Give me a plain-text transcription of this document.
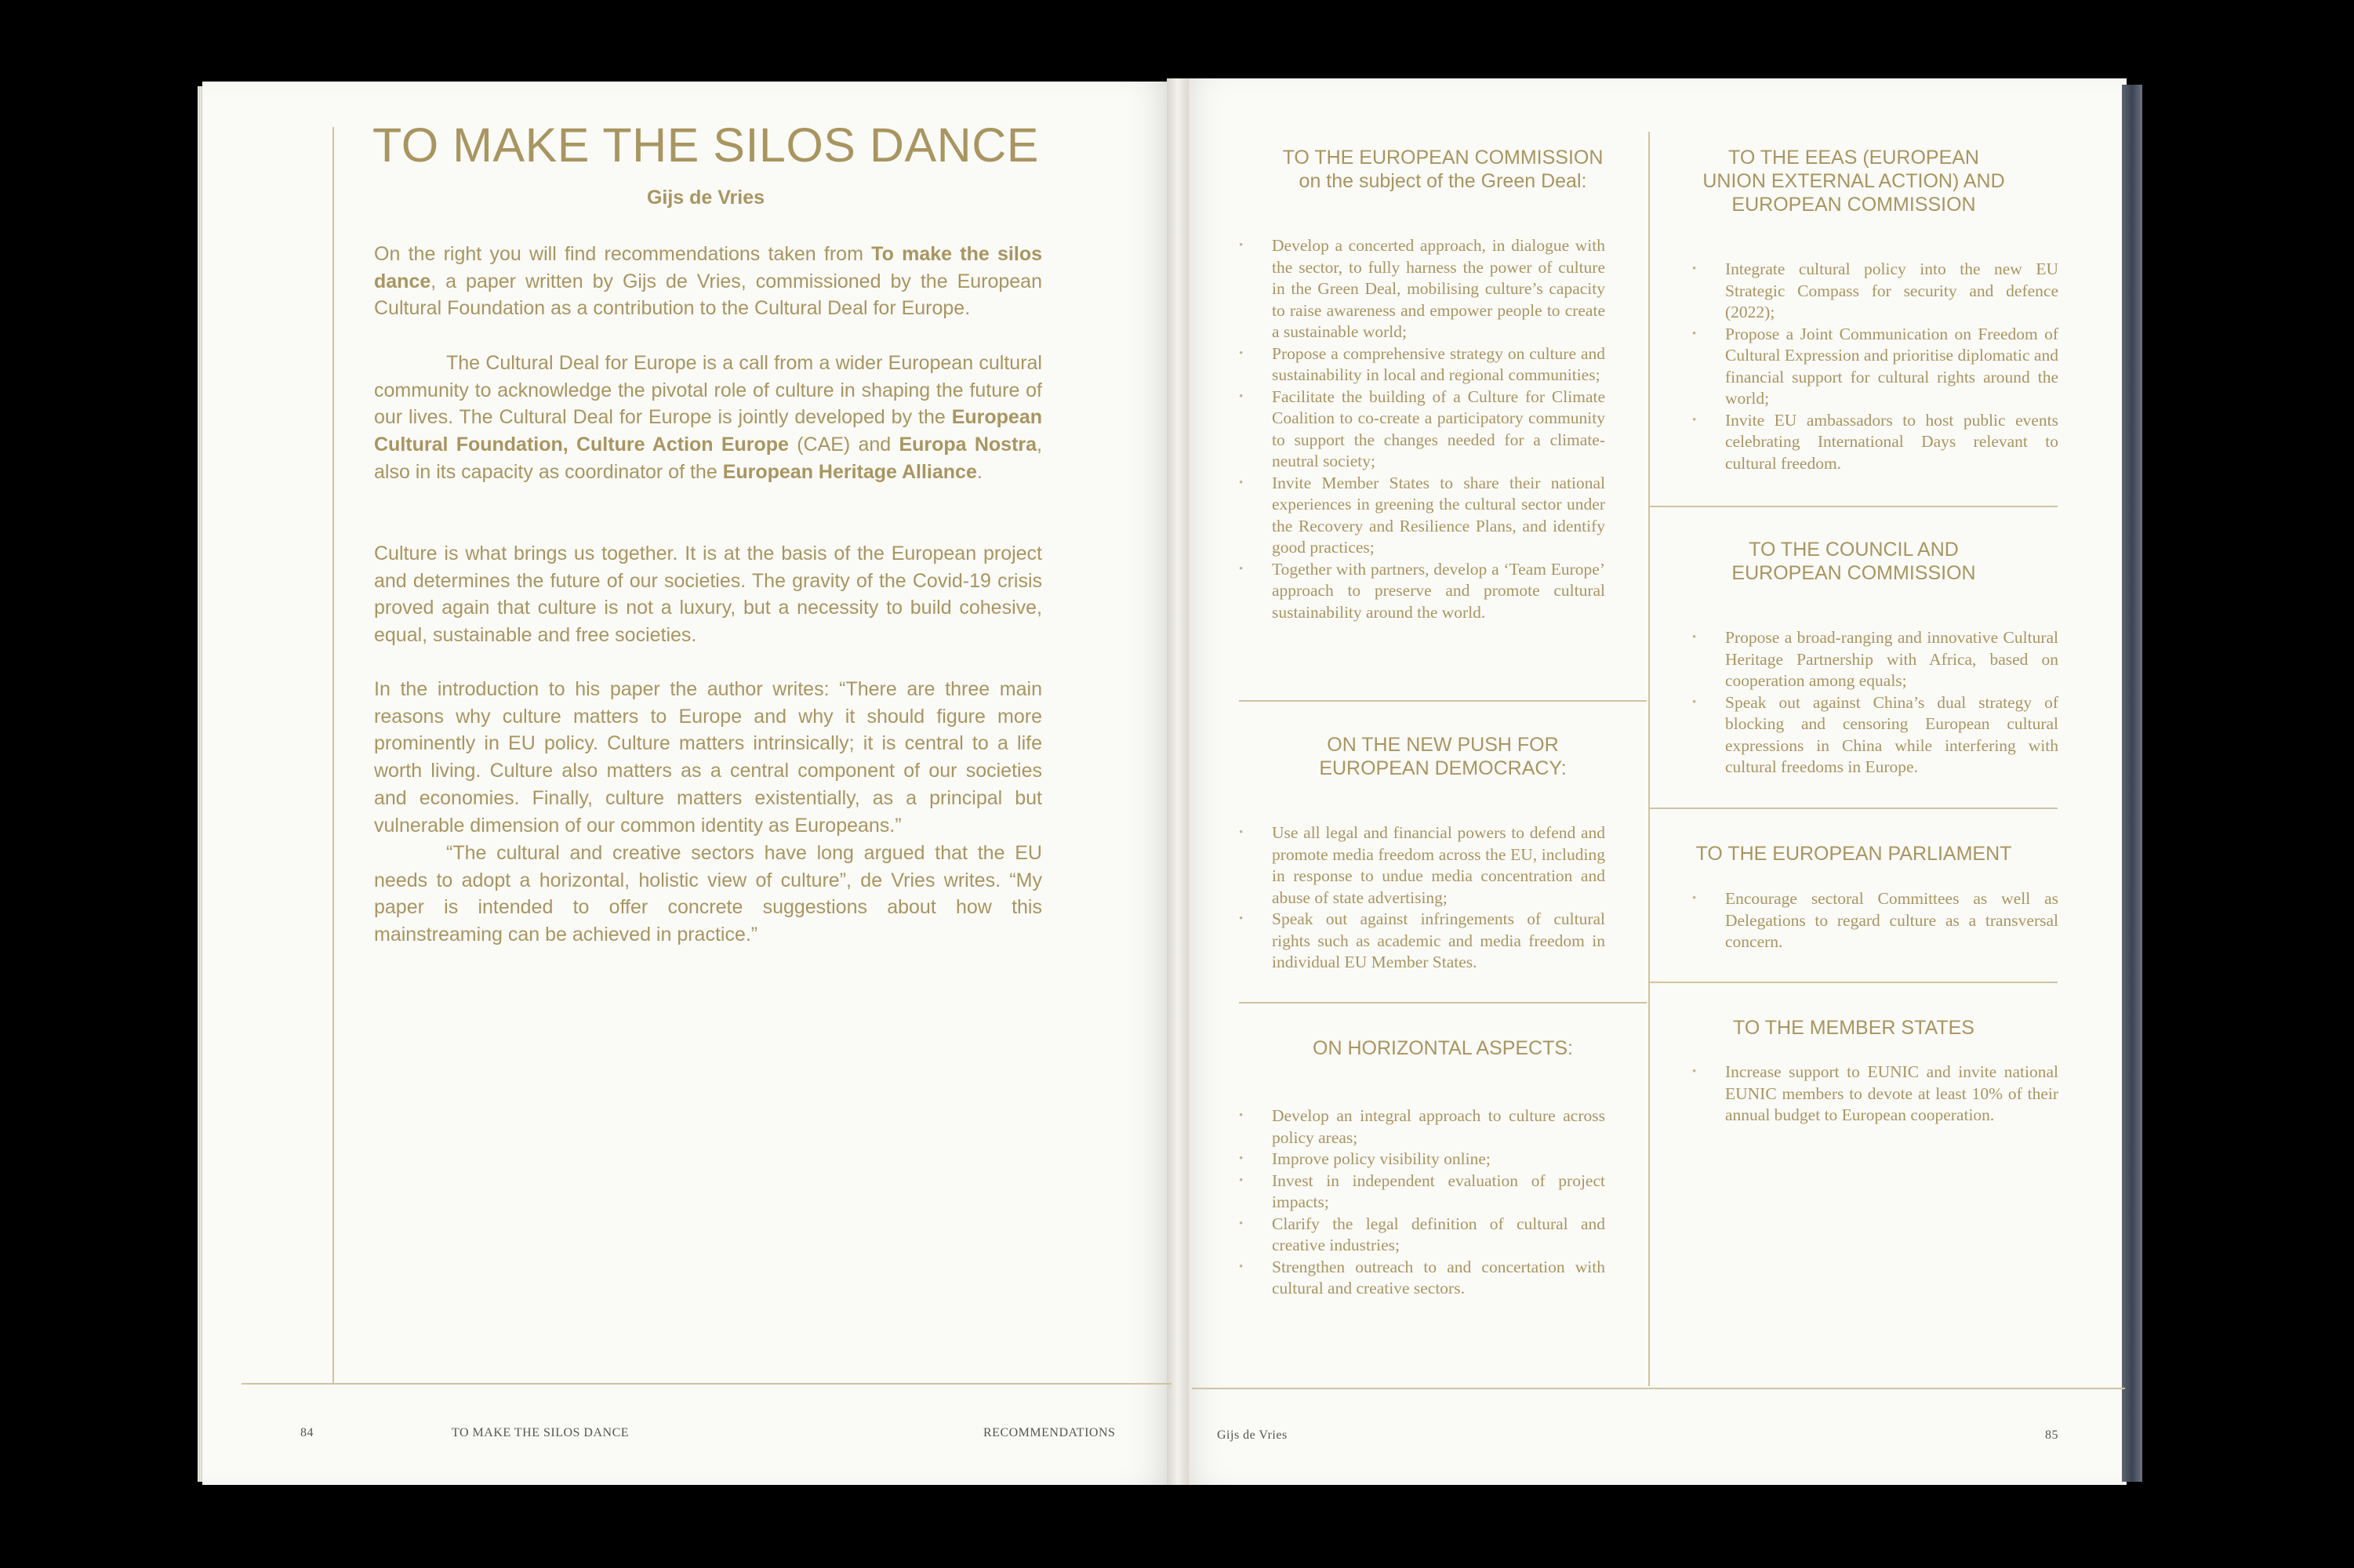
TO MAKE THE SILOS DANCE
Gijs de Vries

On the right you will find recommendations taken from To make the silos dance, a paper written by Gijs de Vries, commissioned by the European Cultural Foundation as a contribution to the Cultural Deal for Europe.

The Cultural Deal for Europe is a call from a wider European cultural community to acknowledge the pivotal role of culture in shaping the future of our lives. The Cultural Deal for Europe is jointly developed by the European Cultural Foundation, Culture Action Europe (CAE) and Europa Nostra, also in its capacity as coordinator of the European Heritage Alliance.

Culture is what brings us together. It is at the basis of the European project and determines the future of our societies. The gravity of the Covid-19 crisis proved again that culture is not a luxury, but a necessity to build cohesive, equal, sustainable and free societies.

In the introduction to his paper the author writes: “There are three main reasons why culture matters to Europe and why it should figure more prominently in EU policy. Culture matters intrinsically; it is central to a life worth living. Culture also matters as a central component of our societies and economies. Finally, culture matters existentially, as a principal but vulnerable dimension of our common identity as Europeans.”

“The cultural and creative sectors have long argued that the EU needs to adopt a horizontal, holistic view of culture”, de Vries writes. “My paper is intended to offer concrete suggestions about how this mainstreaming can be achieved in practice.”

84	TO MAKE THE SILOS DANCE	RECOMMENDATIONS
TO THE EUROPEAN COMMISSION
on the subject of the Green Deal:
• Develop a concerted approach, in dialogue with the sector, to fully harness the power of culture in the Green Deal, mobilising culture’s capacity to raise awareness and empower people to create a sustainable world;
• Propose a comprehensive strategy on culture and sustainability in local and regional communities;
• Facilitate the building of a Culture for Climate Coalition to co-create a participatory community to support the changes needed for a climate-neutral society;
• Invite Member States to share their national experiences in greening the cultural sector under the Recovery and Resilience Plans, and identify good practices;
• Together with partners, develop a ‘Team Europe’ approach to preserve and promote cultural sustainability around the world.
ON THE NEW PUSH FOR
EUROPEAN DEMOCRACY:
• Use all legal and financial powers to defend and promote media freedom across the EU, including in response to undue media concentration and abuse of state advertising;
• Speak out against infringements of cultural rights such as academic and media freedom in individual EU Member States.
ON HORIZONTAL ASPECTS:
• Develop an integral approach to culture across policy areas;
• Improve policy visibility online;
• Invest in independent evaluation of project impacts;
• Clarify the legal definition of cultural and creative industries;
• Strengthen outreach to and concertation with cultural and creative sectors.
TO THE EEAS (EUROPEAN
UNION EXTERNAL ACTION) AND
EUROPEAN COMMISSION
• Integrate cultural policy into the new EU Strategic Compass for security and defence (2022);
• Propose a Joint Communication on Freedom of Cultural Expression and prioritise diplomatic and financial support for cultural rights around the world;
• Invite EU ambassadors to host public events celebrating International Days relevant to cultural freedom.
TO THE COUNCIL AND
EUROPEAN COMMISSION
• Propose a broad-ranging and innovative Cultural Heritage Partnership with Africa, based on cooperation among equals;
• Speak out against China’s dual strategy of blocking and censoring European cultural expressions in China while interfering with cultural freedoms in Europe.
TO THE EUROPEAN PARLIAMENT
• Encourage sectoral Committees as well as Delegations to regard culture as a transversal concern.
TO THE MEMBER STATES
• Increase support to EUNIC and invite national EUNIC members to devote at least 10% of their annual budget to European cooperation.
Gijs de Vries	85
